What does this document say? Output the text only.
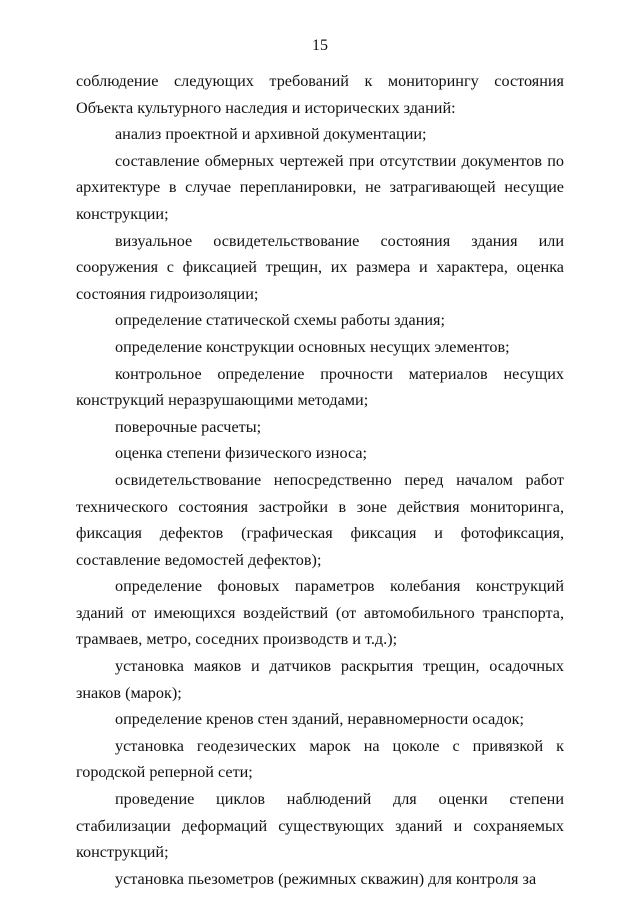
15

соблюдение следующих требований к мониторингу состояния Объекта культурного наследия и исторических зданий:

анализ проектной и архивной документации;

составление обмерных чертежей при отсутствии документов по архитектуре в случае перепланировки, не затрагивающей несущие конструкции;

визуальное освидетельствование состояния здания или сооружения с фиксацией трещин, их размера и характера, оценка состояния гидроизоляции;

определение статической схемы работы здания;

определение конструкции основных несущих элементов;

контрольное определение прочности материалов несущих конструкций неразрушающими методами;

поверочные расчеты;

оценка степени физического износа;

освидетельствование непосредственно перед началом работ технического состояния застройки в зоне действия мониторинга, фиксация дефектов (графическая фиксация и фотофиксация, составление ведомостей дефектов);

определение фоновых параметров колебания конструкций зданий от имеющихся воздействий (от автомобильного транспорта, трамваев, метро, соседних производств и т.д.);

установка маяков и датчиков раскрытия трещин, осадочных знаков (марок);

определение кренов стен зданий, неравномерности осадок;

установка геодезических марок на цоколе с привязкой к городской реперной сети;

проведение циклов наблюдений для оценки степени стабилизации деформаций существующих зданий и сохраняемых конструкций;

установка пьезометров (режимных скважин) для контроля за
